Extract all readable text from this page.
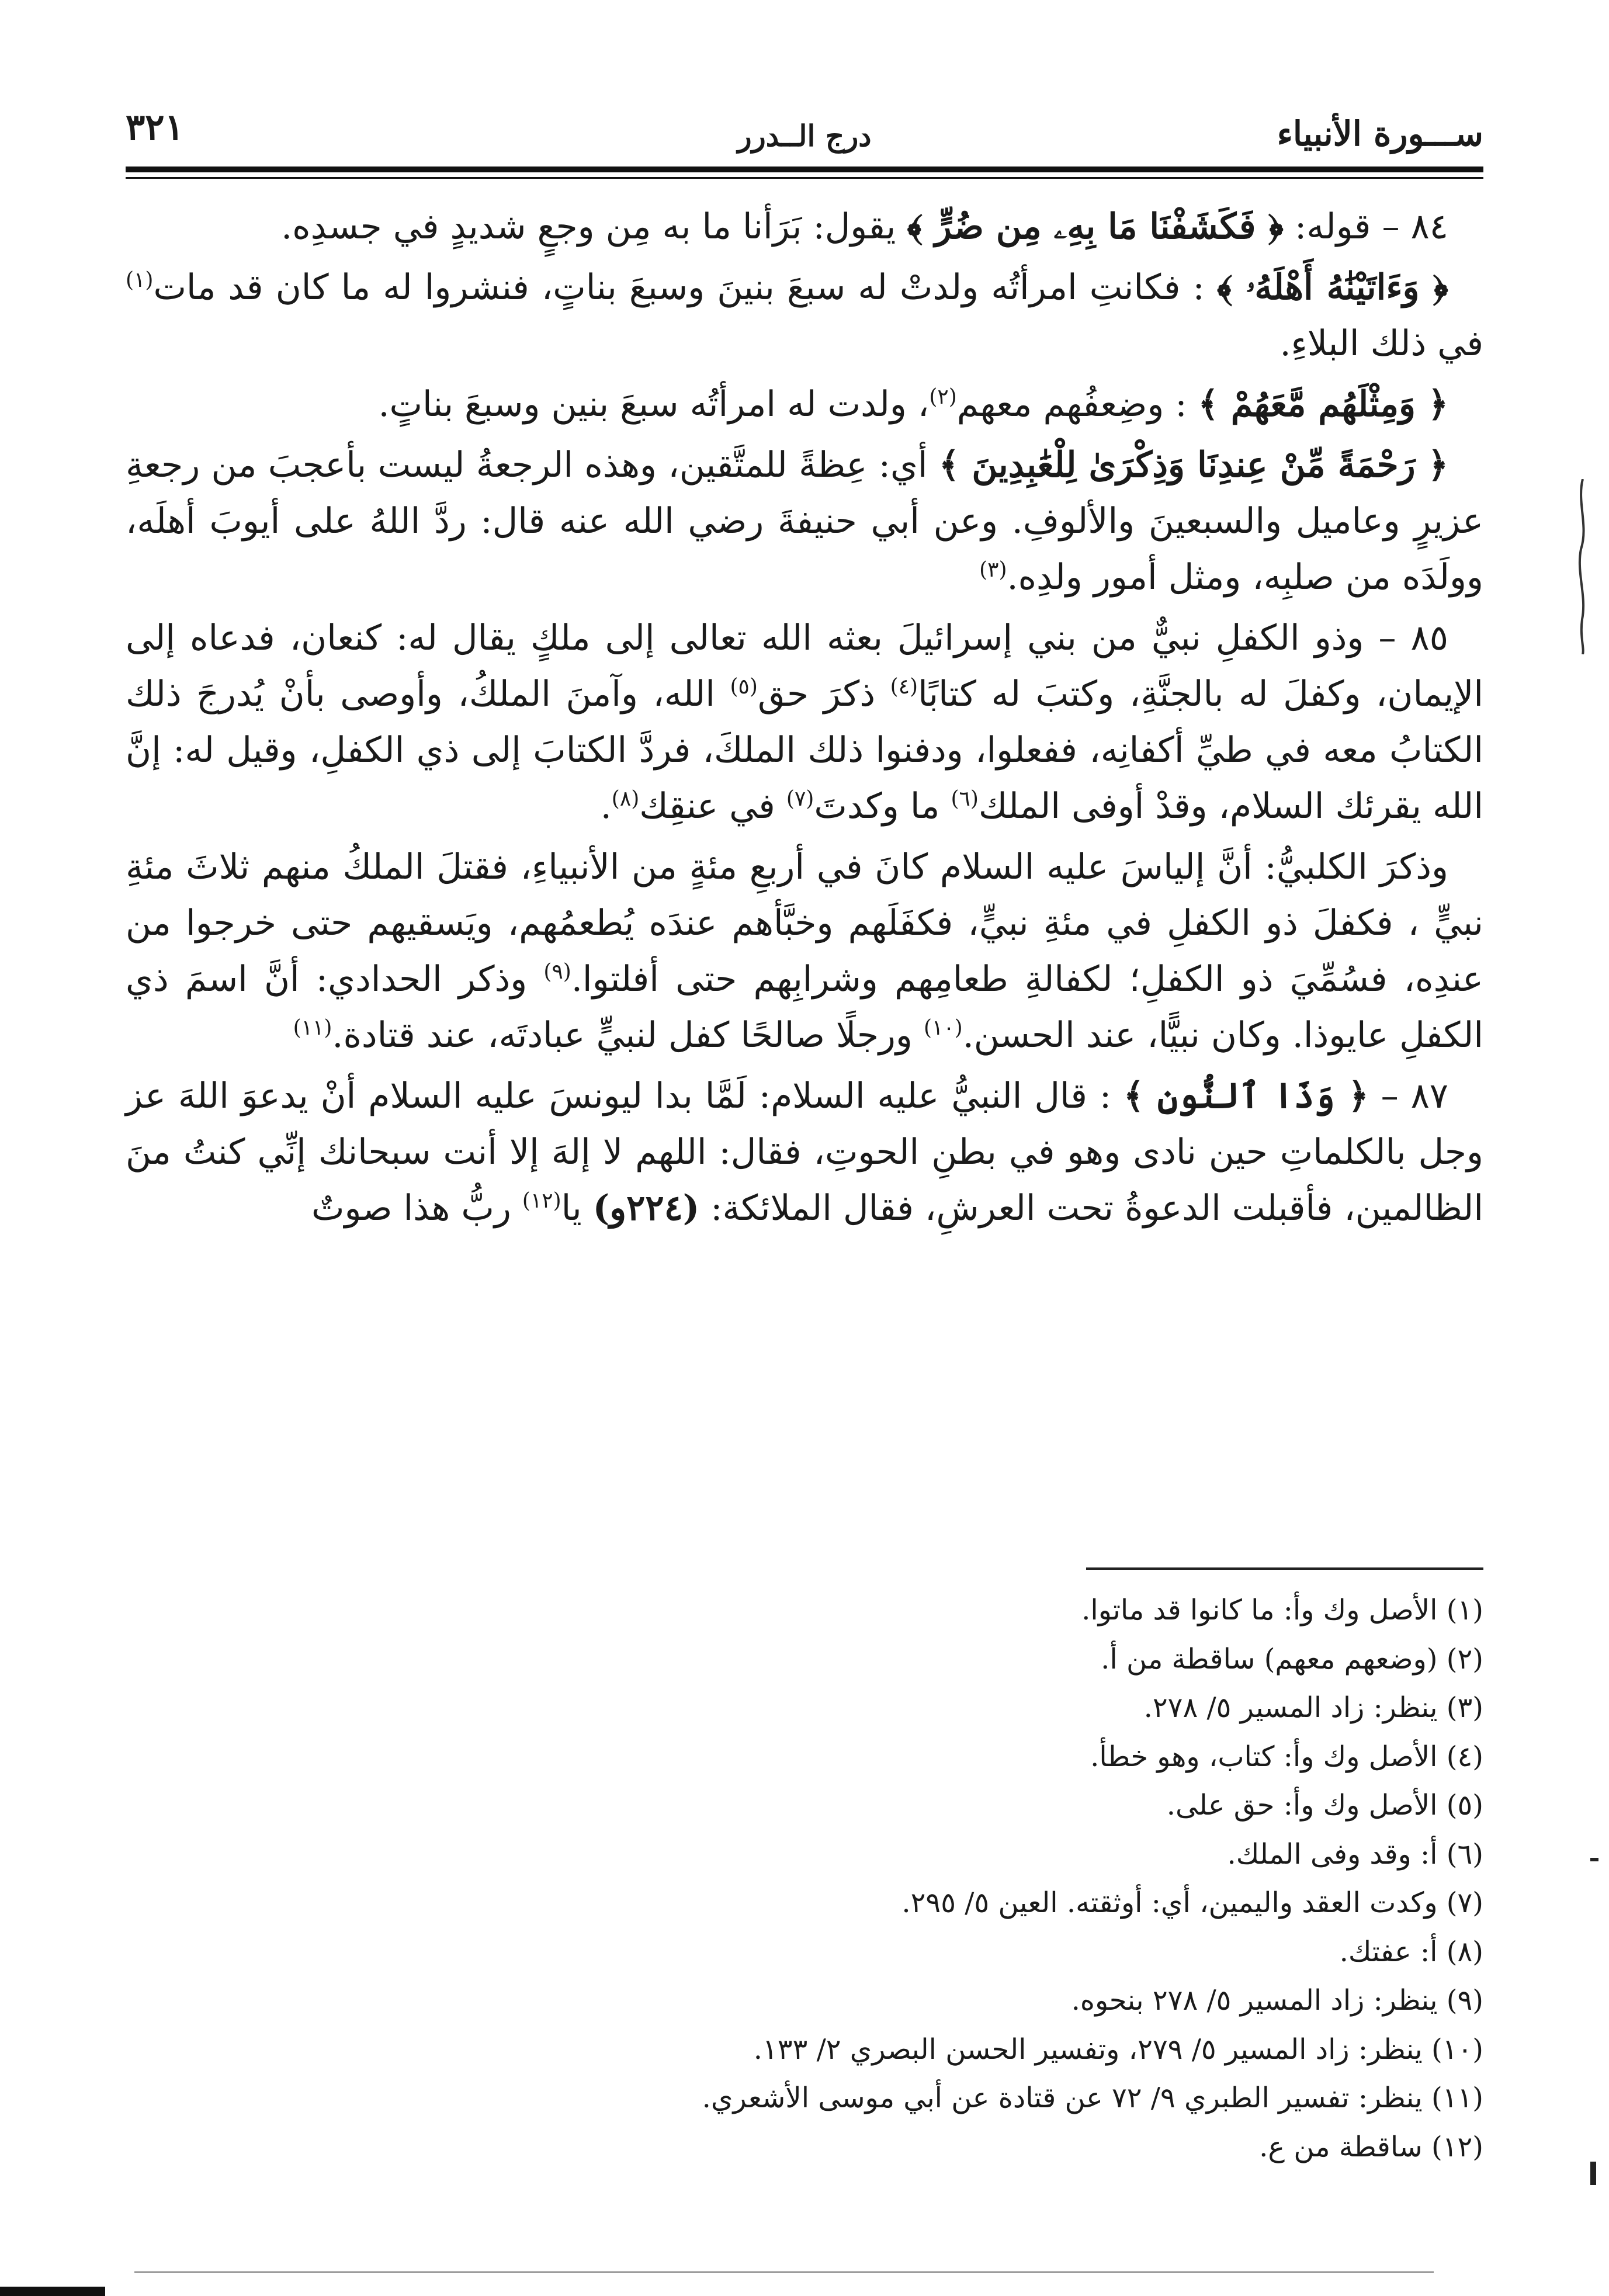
ســـورة الأنبياء
درج الــدرر
٣٢١

٨٤ – قوله: ﴿ فَكَشَفْنَا مَا بِهِۦ مِن ضُرٍّ ﴾ يقول: بَرَأنا ما به مِن وجعٍ شديدٍ في جسدِه.

﴿ وَءَاتَيْنَٰهُ أَهْلَهُۥ ﴾ : فكانتِ امرأتُه ولدتْ له سبعَ بنينَ وسبعَ بناتٍ، فنشروا له ما كان قد مات$^{(١)}$ في ذلك البلاءِ.

﴿ وَمِثْلَهُم مَّعَهُمْ ﴾ : وضِعفُهم معهم$^{(٢)}$، ولدت له امرأتُه سبعَ بنين وسبعَ بناتٍ.

﴿ رَحْمَةً مِّنْ عِندِنَا وَذِكْرَىٰ لِلْعَٰبِدِينَ ﴾ أي: عِظةً للمتَّقين، وهذه الرجعةُ ليست بأعجبَ من رجعةِ عزيرٍ وعاميل والسبعينَ والألوفِ. وعن أبي حنيفةَ رضي الله عنه قال: ردَّ اللهُ على أيوبَ أهلَه، وولَدَه من صلبِه، ومثل أمور ولدِه.$^{(٣)}$

٨٥ – وذو الكفلِ نبيٌّ من بني إسرائيلَ بعثه الله تعالى إلى ملكٍ يقال له: كنعان، فدعاه إلى الإيمان، وكفلَ له بالجنَّةِ، وكتبَ له كتابًا$^{(٤)}$ ذكرَ حق$^{(٥)}$ الله، وآمنَ الملكُ، وأوصى بأنْ يُدرجَ ذلك الكتابُ معه في طيِّ أكفانِه، ففعلوا، ودفنوا ذلك الملكَ، فردَّ الكتابَ إلى ذي الكفلِ، وقيل له: إنَّ الله يقرئك السلام، وقدْ أوفى الملك$^{(٦)}$ ما وكدتَ$^{(٧)}$ في عنقِك$^{(٨)}$.

وذكرَ الكلبيُّ: أنَّ إلياسَ عليه السلام كانَ في أربعِ مئةٍ من الأنبياءِ، فقتلَ الملكُ منهم ثلاثَ مئةِ نبيٍّ ، فكفلَ ذو الكفلِ في مئةِ نبيٍّ، فكفَلَهم وخبَّأهم عندَه يُطعمُهم، ويَسقيهم حتى خرجوا من عندِه، فسُمِّيَ ذو الكفلِ؛ لكفالةِ طعامِهم وشرابِهم حتى أفلتوا.$^{(٩)}$ وذكر الحدادي: أنَّ اسمَ ذي الكفلِ عايوذا. وكان نبيًّا، عند الحسن.$^{(١٠)}$ ورجلًا صالحًا كفل لنبيٍّ عبادتَه، عند قتادة.$^{(١١)}$

٨٧ – ﴿ وَذَا ٱلنُّونِ ﴾ : قال النبيُّ عليه السلام: لَمَّا بدا ليونسَ عليه السلام أنْ يدعوَ اللهَ عز وجل بالكلماتِ حين نادى وهو في بطنِ الحوتِ، فقال: اللهم لا إلهَ إلا أنت سبحانك إنِّي كنتُ منَ الظالمين، فأقبلت الدعوةُ تحت العرشِ، فقال الملائكة: (٢٢٤و) يا$^{(١٢)}$ ربُّ هذا صوتٌ

(١) الأصل وك وأ: ما كانوا قد ماتوا.
(٢) (وضعهم معهم) ساقطة من أ.
(٣) ينظر: زاد المسير ٥/ ٢٧٨.
(٤) الأصل وك وأ: كتاب، وهو خطأ.
(٥) الأصل وك وأ: حق على.
(٦) أ: وقد وفى الملك.
(٧) وكدت العقد واليمين، أي: أوثقته. العين ٥/ ٢٩٥.
(٨) أ: عفتك.
(٩) ينظر: زاد المسير ٥/ ٢٧٨ بنحوه.
(١٠) ينظر: زاد المسير ٥/ ٢٧٩، وتفسير الحسن البصري ٢/ ١٣٣.
(١١) ينظر: تفسير الطبري ٩/ ٧٢ عن قتادة عن أبي موسى الأشعري.
(١٢) ساقطة من ع.
